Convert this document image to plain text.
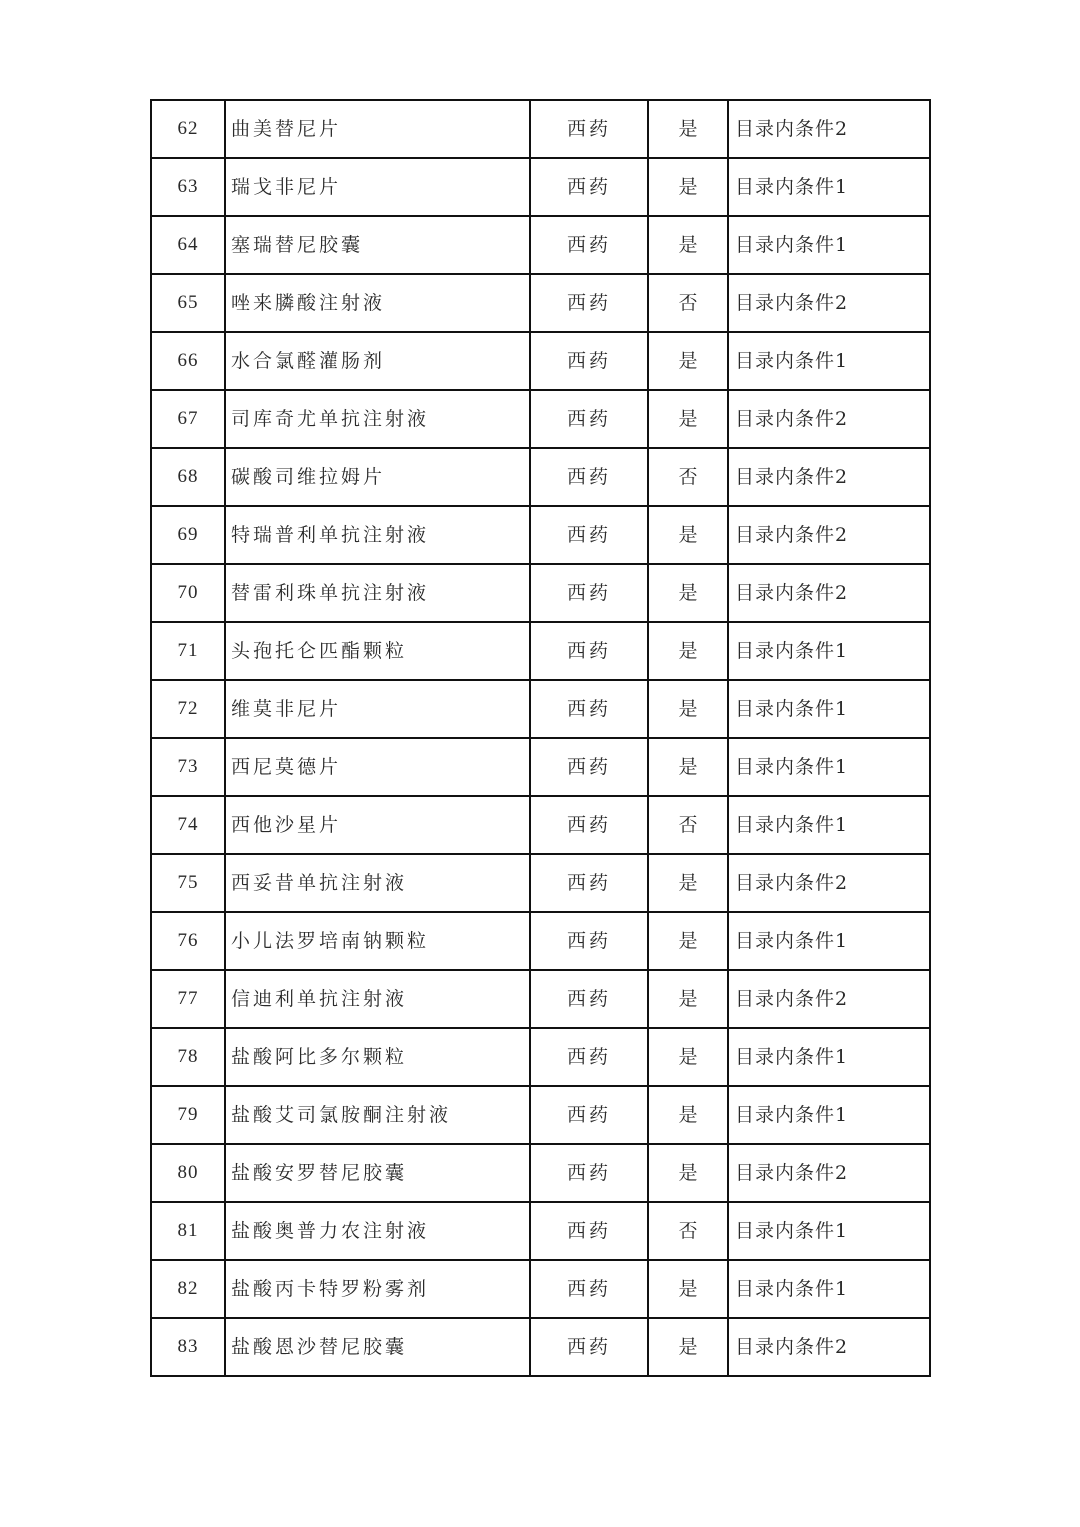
62	曲美替尼片	西药	是	目录内条件2
63	瑞戈非尼片	西药	是	目录内条件1
64	塞瑞替尼胶囊	西药	是	目录内条件1
65	唑来膦酸注射液	西药	否	目录内条件2
66	水合氯醛灌肠剂	西药	是	目录内条件1
67	司库奇尤单抗注射液	西药	是	目录内条件2
68	碳酸司维拉姆片	西药	否	目录内条件2
69	特瑞普利单抗注射液	西药	是	目录内条件2
70	替雷利珠单抗注射液	西药	是	目录内条件2
71	头孢托仑匹酯颗粒	西药	是	目录内条件1
72	维莫非尼片	西药	是	目录内条件1
73	西尼莫德片	西药	是	目录内条件1
74	西他沙星片	西药	否	目录内条件1
75	西妥昔单抗注射液	西药	是	目录内条件2
76	小儿法罗培南钠颗粒	西药	是	目录内条件1
77	信迪利单抗注射液	西药	是	目录内条件2
78	盐酸阿比多尔颗粒	西药	是	目录内条件1
79	盐酸艾司氯胺酮注射液	西药	是	目录内条件1
80	盐酸安罗替尼胶囊	西药	是	目录内条件2
81	盐酸奥普力农注射液	西药	否	目录内条件1
82	盐酸丙卡特罗粉雾剂	西药	是	目录内条件1
83	盐酸恩沙替尼胶囊	西药	是	目录内条件2
